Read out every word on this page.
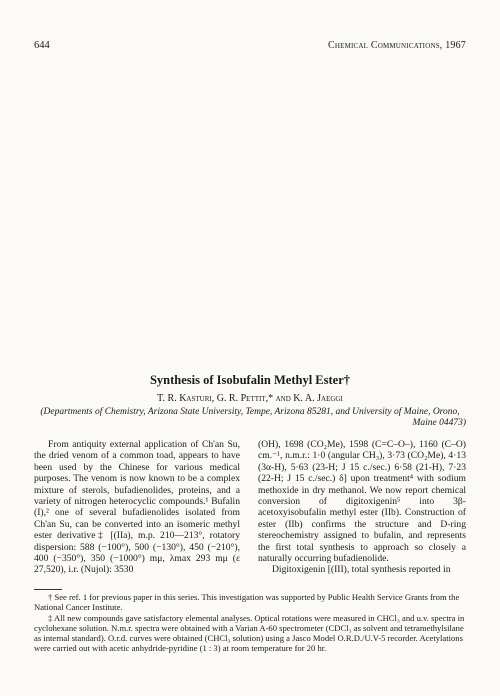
644	Chemical Communications, 1967
Synthesis of Isobufalin Methyl Ester†
T. R. Kasturi, G. R. Pettit,* and K. A. Jaeggi
(Departments of Chemistry, Arizona State University, Tempe, Arizona 85281, and University of Maine, Orono,
Maine 04473)
From antiquity external application of Ch'an Su, the dried venom of a common toad, appears to have been used by the Chinese for various medical purposes. The venom is now known to be a complex mixture of sterols, bufadienolides, proteins, and a variety of nitrogen heterocyclic compounds.¹ Bufalin (I),² one of several bufadienolides isolated from Ch'an Su, can be converted into an isomeric methyl ester derivative‡ [(IIa), m.p. 210—213°, rotatory dispersion: 588 (−100°), 500 (−130°), 450 (−210°), 400 (−350°), 350 (−1000°) mμ, λmax 293 mμ (ε 27,520), i.r. (Nujol): 3530

(OH), 1698 (CO₂Me), 1598 (C=C–O–), 1160 (C–O) cm.⁻¹, n.m.r.: 1·0 (angular CH₃), 3·73 (CO₂Me), 4·13 (3α-H), 5·63 (23-H; J 15 c./sec.) 6·58 (21-H), 7·23 (22-H; J 15 c./sec.) δ] upon treatment⁴ with sodium methoxide in dry methanol. We now report chemical conversion of digitoxigenin⁵ into 3β-acetoxyisobufalin methyl ester (IIb). Construction of ester (IIb) confirms the structure and D-ring stereochemistry assigned to bufalin, and represents the first total synthesis to approach so closely a naturally occurring bufadienolide.

Digitoxigenin [(III), total synthesis reported in

† See ref. 1 for previous paper in this series. This investigation was supported by Public Health Service Grants from the National Cancer Institute.

‡ All new compounds gave satisfactory elemental analyses. Optical rotations were measured in CHCl₃ and u.v. spectra in cyclohexane solution. N.m.r. spectra were obtained with a Varian A-60 spectrometer (CDCl₃ as solvent and tetramethylsilane as internal standard). O.r.d. curves were obtained (CHCl₃ solution) using a Jasco Model O.R.D./U.V-5 recorder. Acetylations were carried out with acetic anhydride-pyridine (1 : 3) at room temperature for 20 hr.
